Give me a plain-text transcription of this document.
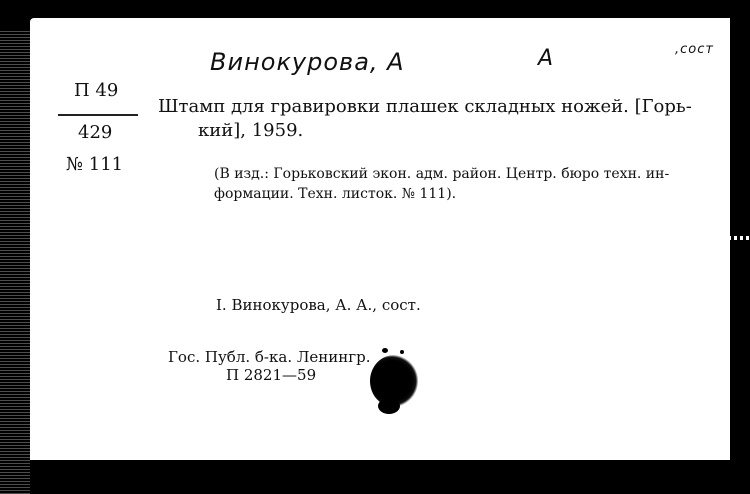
Винокурова, А	А	,сост
П 49
429
№ 111
Штамп для гравировки плашек складных ножей. [Горь-
кий], 1959.
(В изд.: Горьковский экон. адм. район. Центр. бюро техн. ин-
формации. Техн. листок. № 111).
I. Винокурова, А. А., сост.
Гос. Публ. б-ка. Ленингр.
П 2821—59
